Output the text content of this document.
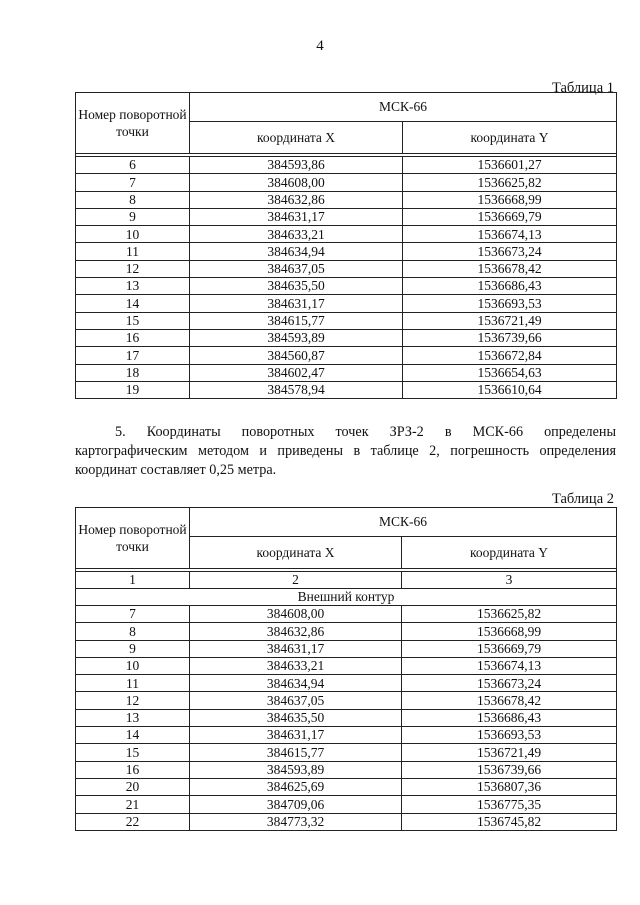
4
Таблица 1
Номер поворотной точки	МСК-66	
	координата X	координата Y

6	384593,86	1536601,27
7	384608,00	1536625,82
8	384632,86	1536668,99
9	384631,17	1536669,79
10	384633,21	1536674,13
11	384634,94	1536673,24
12	384637,05	1536678,42
13	384635,50	1536686,43
14	384631,17	1536693,53
15	384615,77	1536721,49
16	384593,89	1536739,66
17	384560,87	1536672,84
18	384602,47	1536654,63
19	384578,94	1536610,64

5. Координаты поворотных точек ЗРЗ-2 в МСК-66 определены
картографическим методом и приведены в таблице 2, погрешность определения
координат составляет 0,25 метра.

Таблица 2
Номер поворотной точки	МСК-66	
	координата X	координата Y

1	2	3
Внешний контур		
7	384608,00	1536625,82
8	384632,86	1536668,99
9	384631,17	1536669,79
10	384633,21	1536674,13
11	384634,94	1536673,24
12	384637,05	1536678,42
13	384635,50	1536686,43
14	384631,17	1536693,53
15	384615,77	1536721,49
16	384593,89	1536739,66
20	384625,69	1536807,36
21	384709,06	1536775,35
22	384773,32	1536745,82
